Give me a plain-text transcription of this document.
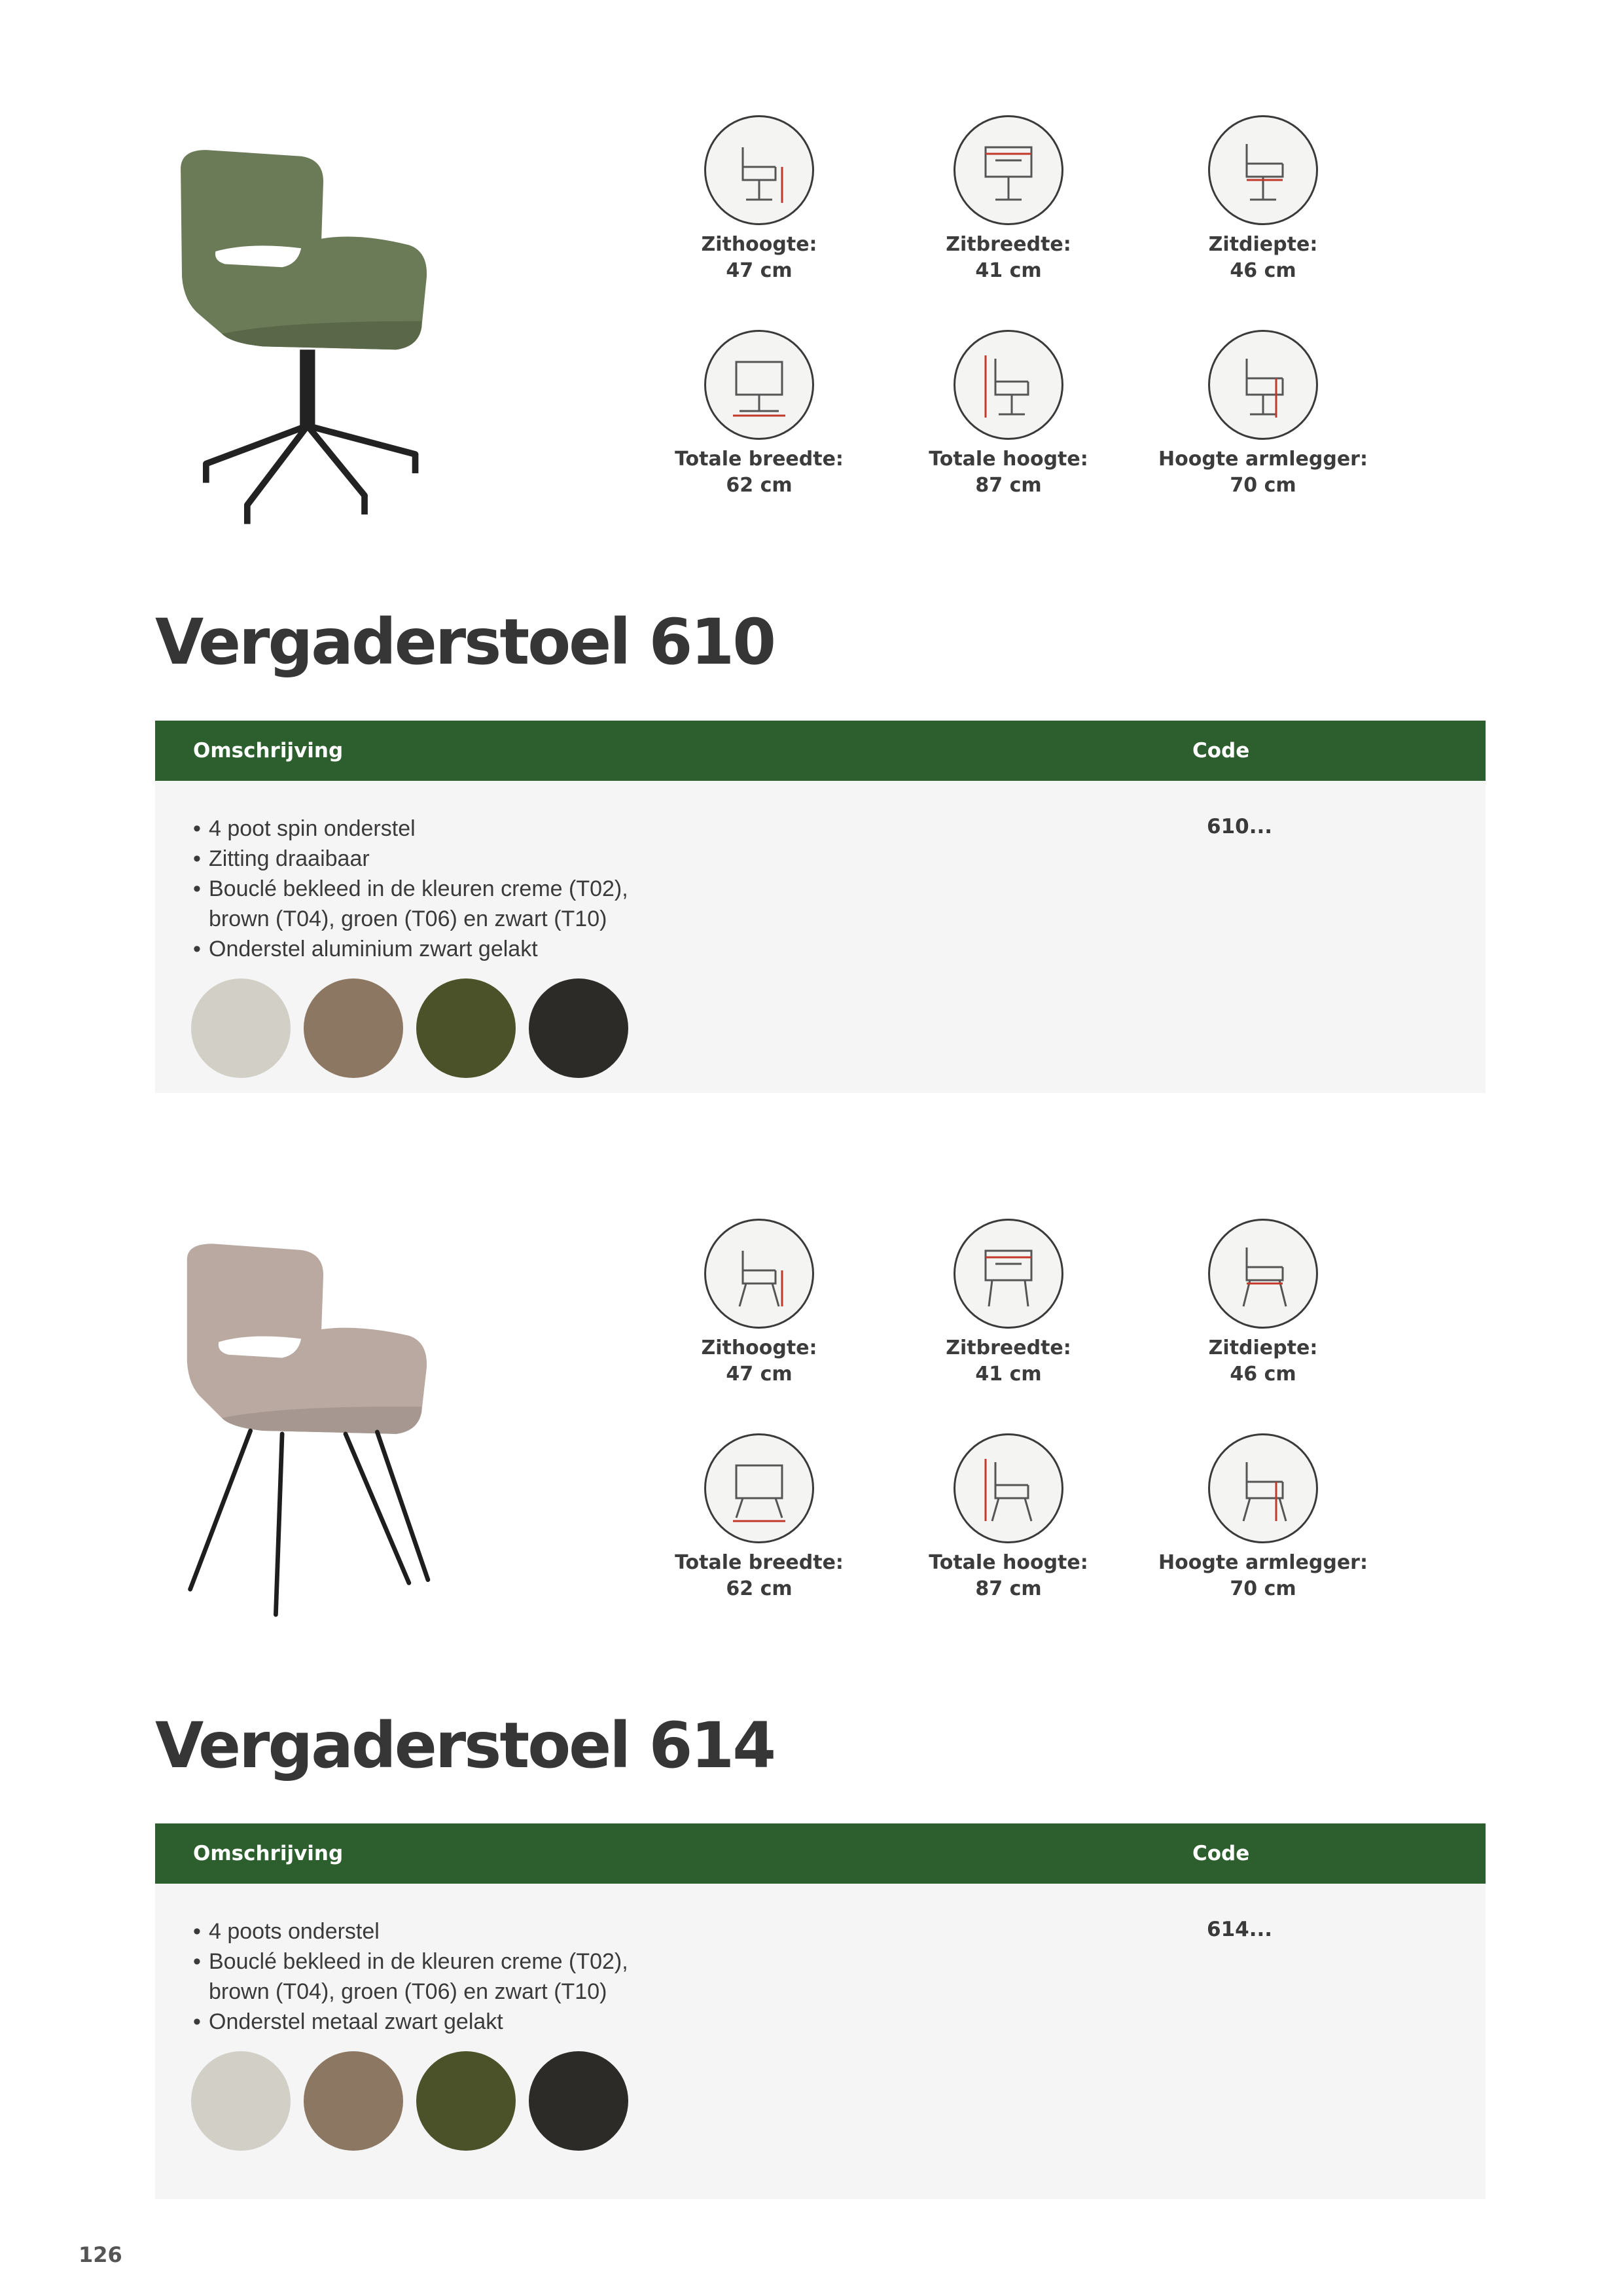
Zithoogte:
47 cm
Zitbreedte:
41 cm
Zitdiepte:
46 cm
Totale breedte:
62 cm
Totale hoogte:
87 cm
Hoogte armlegger:
70 cm
Vergaderstoel 610
Omschrijving	Code
• 4 poot spin onderstel
• Zitting draaibaar
• Bouclé bekleed in de kleuren creme (T02),
brown (T04), groen (T06) en zwart (T10)
• Onderstel aluminium zwart gelakt
610...
Zithoogte:
47 cm
Zitbreedte:
41 cm
Zitdiepte:
46 cm
Totale breedte:
62 cm
Totale hoogte:
87 cm
Hoogte armlegger:
70 cm
Vergaderstoel 614
Omschrijving	Code
• 4 poots onderstel
• Bouclé bekleed in de kleuren creme (T02),
brown (T04), groen (T06) en zwart (T10)
• Onderstel metaal zwart gelakt
614...
126
